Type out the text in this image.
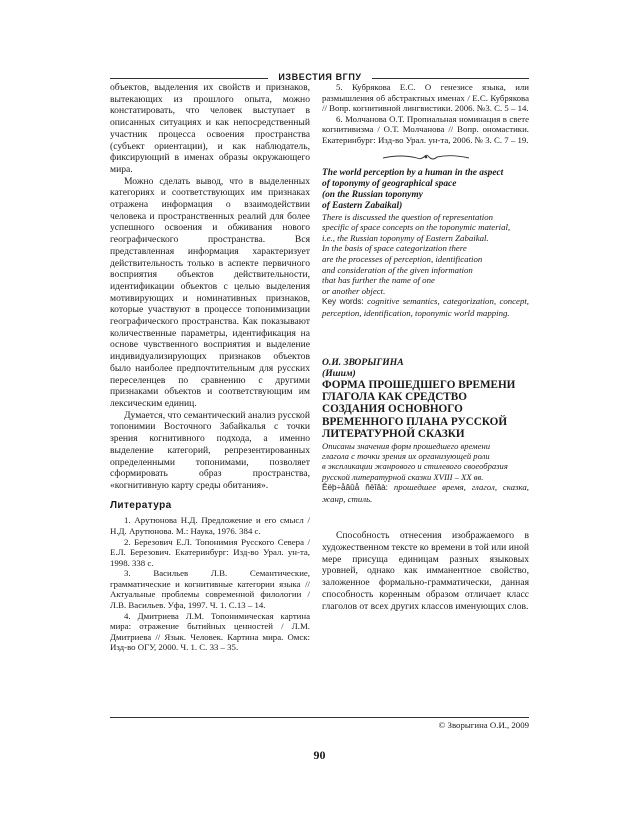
ИЗВЕСТИЯ ВГПУ

объектов, выделения их свойств и признаков, вытекающих из прошлого опыта, можно констатировать, что человек выступает в описанных ситуациях и как непосредственный участник процесса освоения пространства (субъект ориентации), и как наблюдатель, фиксирующий в именах образы окружающего мира.

Можно сделать вывод, что в выделенных категориях и соответствующих им признаках отражена информация о взаимодействии человека и пространственных реалий для более успешного освоения и обживания нового географического пространства. Вся представленная информация характеризует действительность только в аспекте первичного восприятия объектов действительности, идентификации объектов с целью выделения мотивирующих и номинативных признаков, которые участвуют в процессе топонимизации географического пространства. Как показывают количественные параметры, идентификация на основе чувственного восприятия и выделение индивидуализирующих признаков объектов было наиболее предпочтительным для русских переселенцев по сравнению с другими признаками объектов и соответствующим им лексическим единиц.

Думается, что семантический анализ русской топонимии Восточного Забайкалья с точки зрения когнитивного подхода, а именно выделение категорий, репрезентированных определенными топонимами, позволяет сформировать образ пространства, «когнитивную карту среды обитания».

Литература

1. Арутюнова Н.Д. Предложение и его смысл / Н.Д. Арутюнова. М.: Наука, 1976. 384 с.

2. Березович Е.Л. Топонимия Русского Севера / Е.Л. Березович. Екатеринбург: Изд-во Урал. ун-та, 1998. 338 с.

3. Васильев Л.В. Семантические, грамматические и когнитивные категории языка // Актуальные проблемы современной филологии / Л.В. Васильев. Уфа, 1997. Ч. 1. С.13 – 14.

4. Дмитриева Л.М. Топонимическая картина мира: отражение бытийных ценностей / Л.М. Дмитриева // Язык. Человек. Картина мира. Омск: Изд-во ОГУ, 2000. Ч. 1. С. 33 – 35.

5. Кубрякова Е.С. О генезисе языка, или размышления об абстрактных именах / Е.С. Кубрякова // Вопр. когнитивной лингвистики. 2006. №3. С. 5 – 14.

6. Молчанова О.Т. Пропиальная номинация в свете когнитивизма / О.Т. Молчанова // Вопр. ономастики. Екатеринбург: Изд-во Урал. ун-та, 2006. № 3. С. 7 – 19.

The world perception by a human in the aspect
of toponymy of geographical space
(on the Russian toponymy
of Eastern Zabaikal)

There is discussed the question of representation
specific of space concepts on the toponymic material,
i.e., the Russian toponymy of Eastern Zabaikal.
In the basis of space categorization there
are the processes of perception, identification
and consideration of the given information
that has further the name of one
or another object.

Key words: cognitive semantics, categorization, concept, perception, identification, toponymic world mapping.

О.И. ЗВОРЫГИНА

(Ишим)

ФОРМА ПРОШЕДШЕГО ВРЕМЕНИ
ГЛАГОЛА КАК СРЕДСТВО
СОЗДАНИЯ ОСНОВНОГО
ВРЕМЕННОГО ПЛАНА РУССКОЙ
ЛИТЕРАТУРНОЙ СКАЗКИ

Описаны значения форм прошедшего времени
глагола с точки зрения их организующей роли
в экспликации жанрового и стилевого своеобразия
русской литературной сказки XVIII – XX вв.

Êëþ÷åâûå ñëîâà: прошедшее время, глагол, сказка, жанр, стиль.

Способность отнесения изображаемого в художественном тексте ко времени в той или иной мере присуща единицам разных языковых уровней, однако как имманентное свойство, заложенное формально-грамматически, данная способность коренным образом отличает класс глаголов от всех других классов именующих слов.

© Зворыгина О.И., 2009
90
